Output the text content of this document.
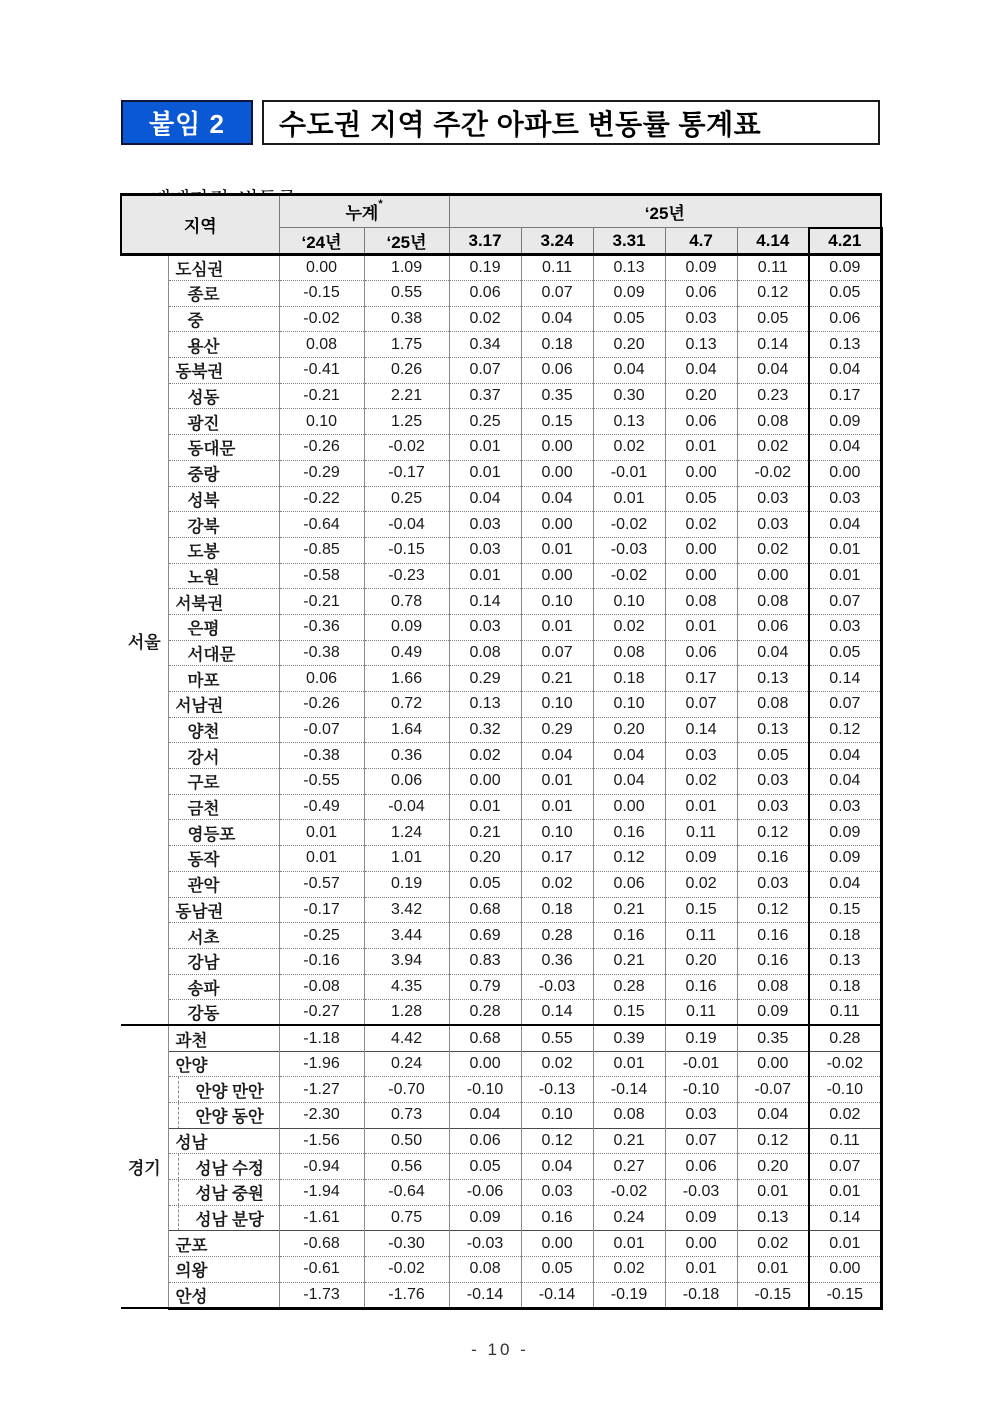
붙임 2 수도권 지역 주간 아파트 변동률 통계표

지역		누계*		‘25년					
		‘24년	‘25년	3.17	3.24	3.31	4.7	4.14	4.21
서울	도심권	0.00	1.09	0.19	0.11	0.13	0.09	0.11	0.09
	종로	-0.15	0.55	0.06	0.07	0.09	0.06	0.12	0.05
	중	-0.02	0.38	0.02	0.04	0.05	0.03	0.05	0.06
	용산	0.08	1.75	0.34	0.18	0.20	0.13	0.14	0.13
	동북권	-0.41	0.26	0.07	0.06	0.04	0.04	0.04	0.04
	성동	-0.21	2.21	0.37	0.35	0.30	0.20	0.23	0.17
	광진	0.10	1.25	0.25	0.15	0.13	0.06	0.08	0.09
	동대문	-0.26	-0.02	0.01	0.00	0.02	0.01	0.02	0.04
	중랑	-0.29	-0.17	0.01	0.00	-0.01	0.00	-0.02	0.00
	성북	-0.22	0.25	0.04	0.04	0.01	0.05	0.03	0.03
	강북	-0.64	-0.04	0.03	0.00	-0.02	0.02	0.03	0.04
	도봉	-0.85	-0.15	0.03	0.01	-0.03	0.00	0.02	0.01
	노원	-0.58	-0.23	0.01	0.00	-0.02	0.00	0.00	0.01
	서북권	-0.21	0.78	0.14	0.10	0.10	0.08	0.08	0.07
	은평	-0.36	0.09	0.03	0.01	0.02	0.01	0.06	0.03
	서대문	-0.38	0.49	0.08	0.07	0.08	0.06	0.04	0.05
	마포	0.06	1.66	0.29	0.21	0.18	0.17	0.13	0.14
	서남권	-0.26	0.72	0.13	0.10	0.10	0.07	0.08	0.07
	양천	-0.07	1.64	0.32	0.29	0.20	0.14	0.13	0.12
	강서	-0.38	0.36	0.02	0.04	0.04	0.03	0.05	0.04
	구로	-0.55	0.06	0.00	0.01	0.04	0.02	0.03	0.04
	금천	-0.49	-0.04	0.01	0.01	0.00	0.01	0.03	0.03
	영등포	0.01	1.24	0.21	0.10	0.16	0.11	0.12	0.09
	동작	0.01	1.01	0.20	0.17	0.12	0.09	0.16	0.09
	관악	-0.57	0.19	0.05	0.02	0.06	0.02	0.03	0.04
	동남권	-0.17	3.42	0.68	0.18	0.21	0.15	0.12	0.15
	서초	-0.25	3.44	0.69	0.28	0.16	0.11	0.16	0.18
	강남	-0.16	3.94	0.83	0.36	0.21	0.20	0.16	0.13
	송파	-0.08	4.35	0.79	-0.03	0.28	0.16	0.08	0.18
	강동	-0.27	1.28	0.28	0.14	0.15	0.11	0.09	0.11
경기	과천	-1.18	4.42	0.68	0.55	0.39	0.19	0.35	0.28
	안양	-1.96	0.24	0.00	0.02	0.01	-0.01	0.00	-0.02
	안양 만안	-1.27	-0.70	-0.10	-0.13	-0.14	-0.10	-0.07	-0.10
	안양 동안	-2.30	0.73	0.04	0.10	0.08	0.03	0.04	0.02
	성남	-1.56	0.50	0.06	0.12	0.21	0.07	0.12	0.11
	성남 수정	-0.94	0.56	0.05	0.04	0.27	0.06	0.20	0.07
	성남 중원	-1.94	-0.64	-0.06	0.03	-0.02	-0.03	0.01	0.01
	성남 분당	-1.61	0.75	0.09	0.16	0.24	0.09	0.13	0.14
	군포	-0.68	-0.30	-0.03	0.00	0.01	0.00	0.02	0.01
	의왕	-0.61	-0.02	0.08	0.05	0.02	0.01	0.01	0.00
	안성	-1.73	-1.76	-0.14	-0.14	-0.19	-0.18	-0.15	-0.15
- 10 -
